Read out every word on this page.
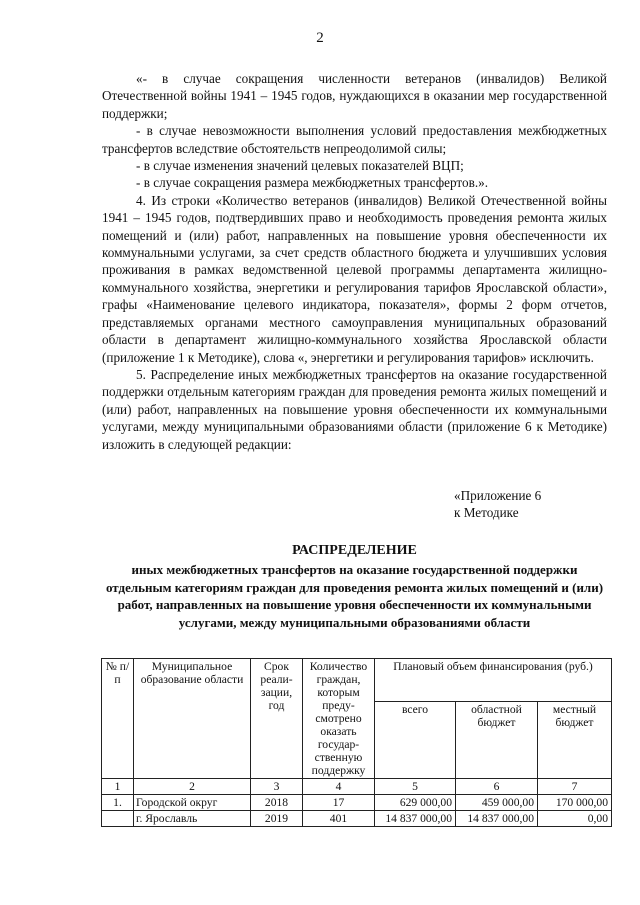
2

«- в случае сокращения численности ветеранов (инвалидов) Великой Отечественной войны 1941 – 1945 годов, нуждающихся в оказании мер государственной поддержки;

- в случае невозможности выполнения условий предоставления межбюджетных трансфертов вследствие обстоятельств непреодолимой силы;

- в случае изменения значений целевых показателей ВЦП;

- в случае сокращения размера межбюджетных трансфертов.».

4. Из строки «Количество ветеранов (инвалидов) Великой Отечественной войны 1941 – 1945 годов, подтвердивших право и необходимость проведения ремонта жилых помещений и (или) работ, направленных на повышение уровня обеспеченности их коммунальными услугами, за счет средств областного бюджета и улучшивших условия проживания в рамках ведомственной целевой программы департамента жилищно-коммунального хозяйства, энергетики и регулирования тарифов Ярославской области», графы «Наименование целевого индикатора, показателя», формы 2 форм отчетов, представляемых органами местного самоуправления муниципальных образований области в департамент жилищно-коммунального хозяйства Ярославской области (приложение 1 к Методике), слова «, энергетики и регулирования тарифов» исключить.

5. Распределение иных межбюджетных трансфертов на оказание государственной поддержки отдельным категориям граждан для проведения ремонта жилых помещений и (или) работ, направленных на повышение уровня обеспеченности их коммунальными услугами, между муниципальными образованиями области (приложение 6 к Методике) изложить в следующей редакции:

«Приложение 6
к Методике
РАСПРЕДЕЛЕНИЕ
иных межбюджетных трансфертов на оказание государственной поддержки отдельным категориям граждан для проведения ремонта жилых помещений и (или) работ, направленных на повышение уровня обеспеченности их коммунальными услугами, между муниципальными образованиями области
№ п/п	Муниципальное образование области	Срок реали-зации, год	Количество граждан, которым преду-смотрено оказать государ-ственную поддержку	Плановый объем финансирования (руб.)		
				всего	областной бюджет	местный бюджет
1	2	3	4	5	6	7
1.	Городской округ	2018	17	629 000,00	459 000,00	170 000,00
	г. Ярославль	2019	401	14 837 000,00	14 837 000,00	0,00
